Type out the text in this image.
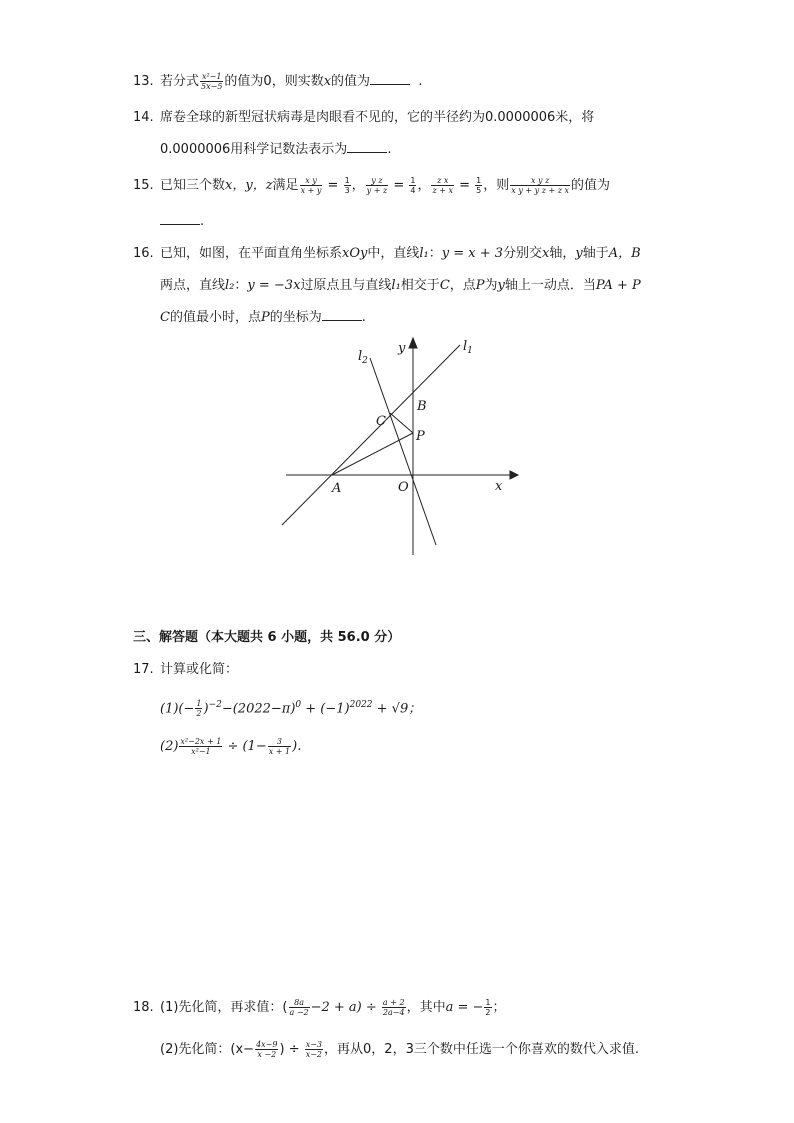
13. 若分式 $\frac{\text{x²−1}}{5x-5}$ 的值为0，则实数x的值为	.
14. 席卷全球的新型冠状病毒是肉眼看不见的，它的半径约为0.0000006米，将
0.0000006用科学记数法表示为	.
15. 已知三个数x，y，z满足 $\frac{\text{x y}}{x + y} = \frac{1}{3}$ ， $\frac{\text{y z}}{y + z} = \frac{1}{4}$ ， $\frac{\text{z x}}{z + x} = \frac{1}{5}$ ，则 $\frac{\text{x y z}}{\text{x y + y z + z x}}$ 的值为
.
16. 已知，如图，在平面直角坐标系xOy中，直线l₁：y = x + 3分别交x轴，y轴于A，B
两点，直线l₂：y = −3x过原点且与直线l₁相交于C，点P为y轴上一动点．当PA + P
C的值最小时，点P的坐标为	.
$l_2$
y	$l_1$
B
C
P
A	O	x
三、解答题（本大题共 6 小题，共 56.0 分）
17. 计算或化简：
$(1)(- \frac{1}{2} )^{-2}-(2022-\pi)^0 + (-1)^{2022} + √9$；
$(2) \frac{\text{x²−2x + 1}}{\text{x²−1}} \div (1- \frac{3}{x + 1}$ ).
18. (1)先化简，再求值：( $\frac{8a}{a -2} -2 + a) \div \frac{a + 2}{2a-4}$ ，其中a = − $\frac{1}{2}$ ；
(2)先化简：($x- \frac{4x-9}{x -2}$ ) ÷ $\frac{x-3}{x-2}$ ，再从0，2，3三个数中任选一个你喜欢的数代入求值.
